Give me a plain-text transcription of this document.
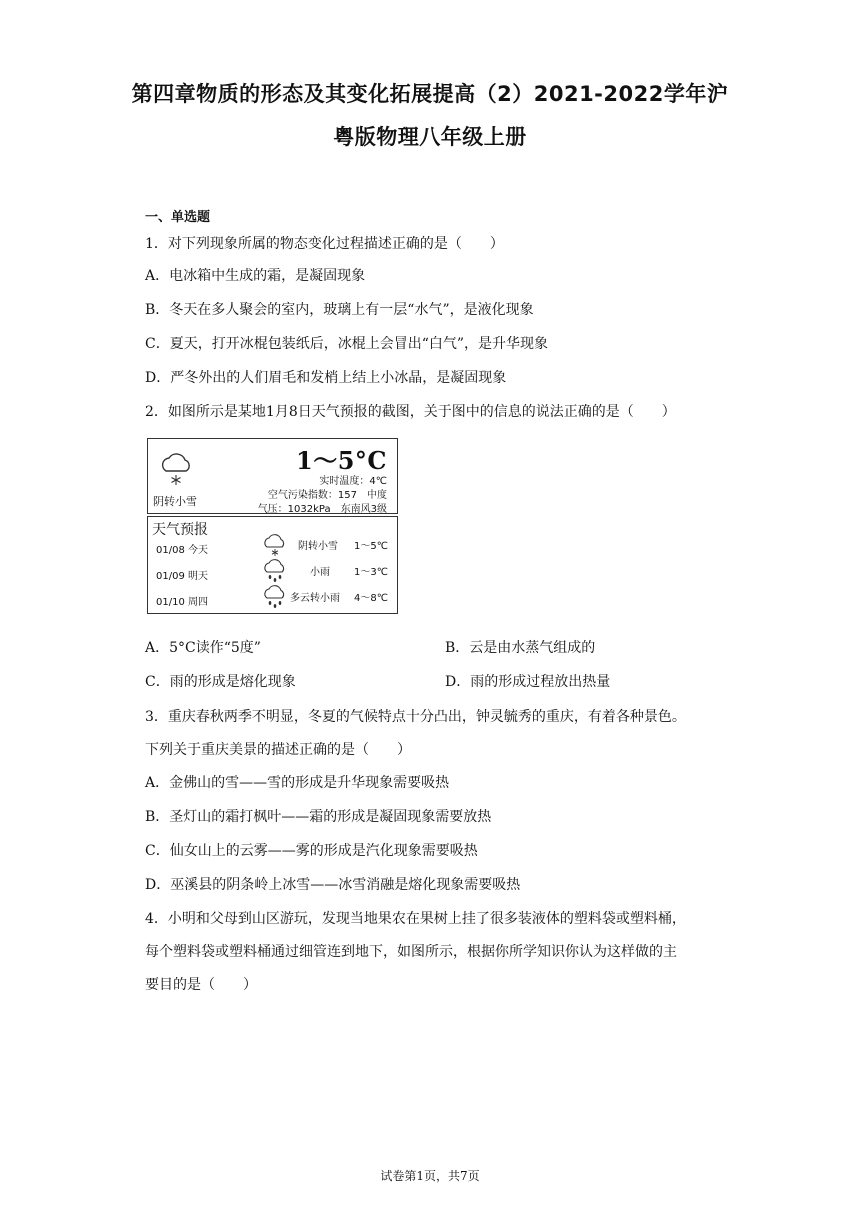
第四章物质的形态及其变化拓展提高（2）2021-2022学年沪
粤版物理八年级上册
一、单选题
1．对下列现象所属的物态变化过程描述正确的是（　　）
A．电冰箱中生成的霜，是凝固现象
B．冬天在多人聚会的室内，玻璃上有一层“水气”，是液化现象
C．夏天，打开冰棍包装纸后，冰棍上会冒出“白气”，是升华现象
D．严冬外出的人们眉毛和发梢上结上小冰晶，是凝固现象
2．如图所示是某地1月8日天气预报的截图，关于图中的信息的说法正确的是（　　）
阴转小雪
1～5°C
实时温度：4℃
空气污染指数：157　中度
气压：1032kPa　东南风3级
天气预报
01/08 今天	阴转小雪 1～5℃
01/09 明天	小雨 1～3℃
01/10 周四	多云转小雨 4～8℃
A．5°C读作“5度”	B．云是由水蒸气组成的
C．雨的形成是熔化现象	D．雨的形成过程放出热量
3．重庆春秋两季不明显，冬夏的气候特点十分凸出，钟灵毓秀的重庆，有着各种景色。
下列关于重庆美景的描述正确的是（　　）
A．金佛山的雪——雪的形成是升华现象需要吸热
B．圣灯山的霜打枫叶——霜的形成是凝固现象需要放热
C．仙女山上的云雾——雾的形成是汽化现象需要吸热
D．巫溪县的阴条岭上冰雪——冰雪消融是熔化现象需要吸热
4．小明和父母到山区游玩，发现当地果农在果树上挂了很多装液体的塑料袋或塑料桶，
每个塑料袋或塑料桶通过细管连到地下，如图所示，根据你所学知识你认为这样做的主
要目的是（　　）
试卷第1页，共7页
